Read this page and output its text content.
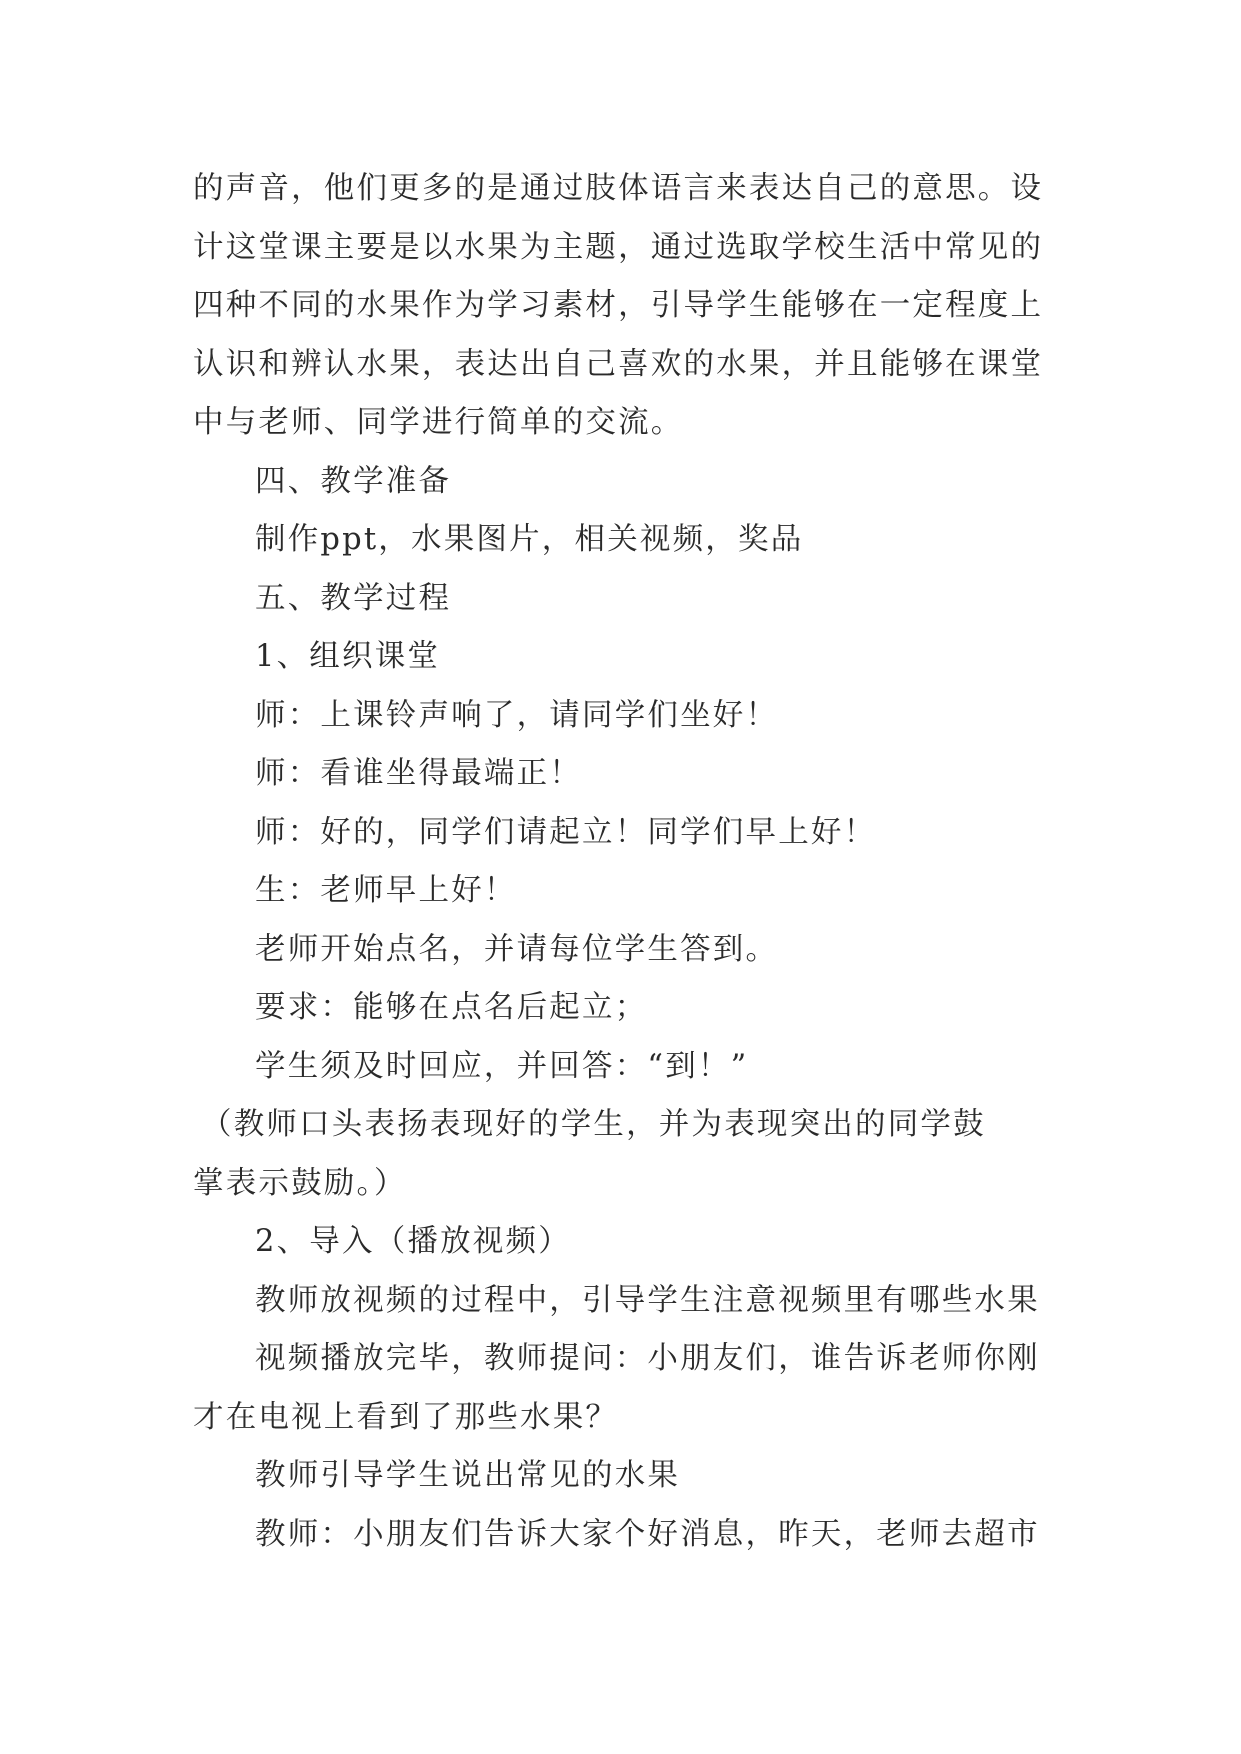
的声音，他们更多的是通过肢体语言来表达自己的意思。设
计这堂课主要是以水果为主题，通过选取学校生活中常见的
四种不同的水果作为学习素材，引导学生能够在一定程度上
认识和辨认水果，表达出自己喜欢的水果，并且能够在课堂
中与老师、同学进行简单的交流。
四、教学准备
制作ppt，水果图片，相关视频，奖品
五、教学过程
1、组织课堂
师：上课铃声响了，请同学们坐好！
师：看谁坐得最端正！
师：好的，同学们请起立！同学们早上好！
生：老师早上好！
老师开始点名，并请每位学生答到。
要求：能够在点名后起立；
学生须及时回应，并回答：“到！”
（教师口头表扬表现好的学生，并为表现突出的同学鼓
掌表示鼓励。）
2、导入（播放视频）
教师放视频的过程中，引导学生注意视频里有哪些水果
视频播放完毕，教师提问：小朋友们，谁告诉老师你刚
才在电视上看到了那些水果？
教师引导学生说出常见的水果
教师：小朋友们告诉大家个好消息，昨天，老师去超市
